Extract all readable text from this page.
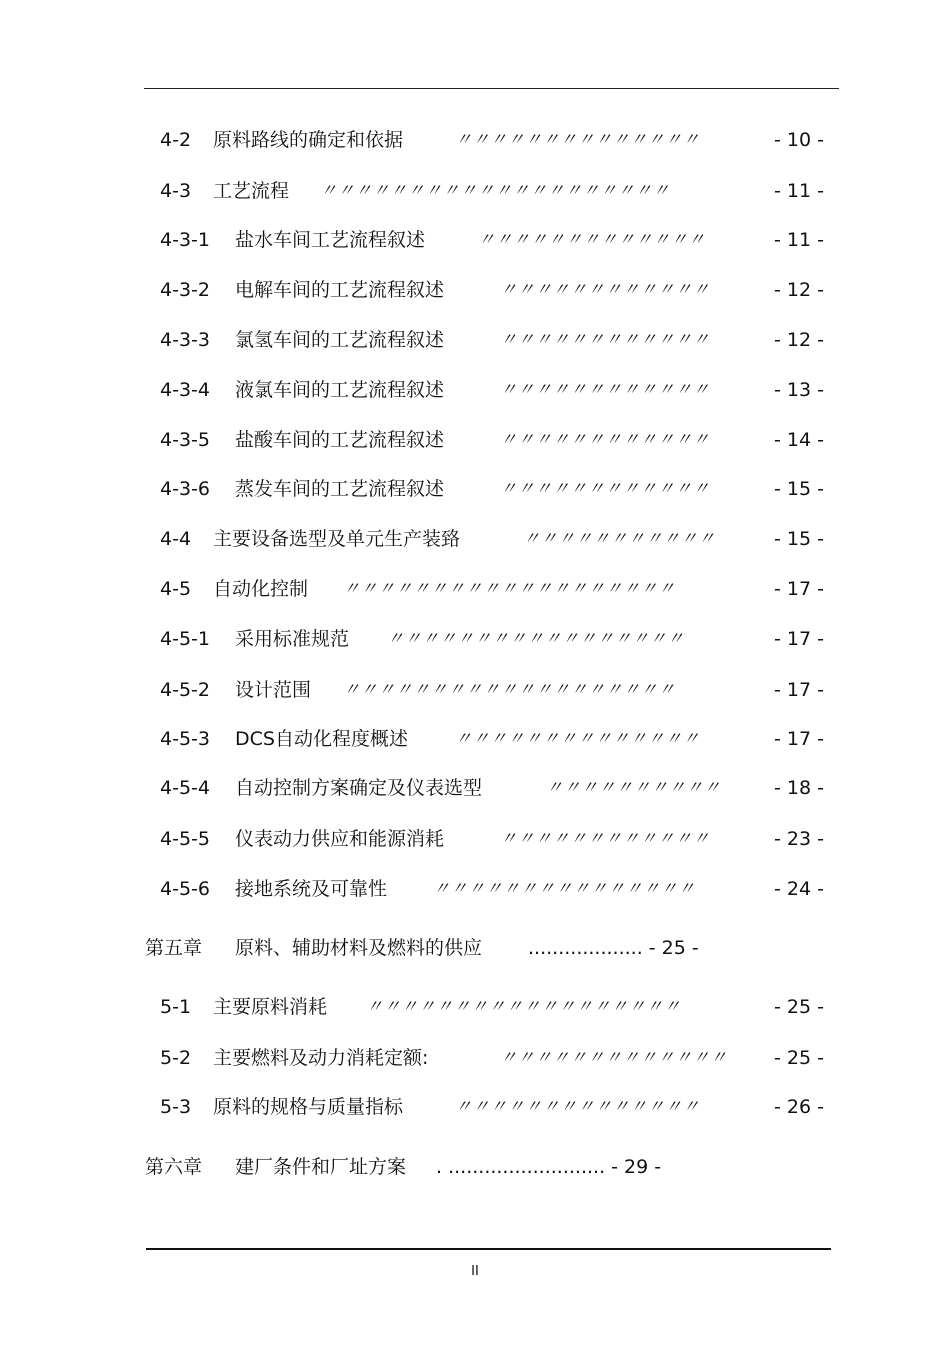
4-2 原料路线的确定和依据	〃〃〃〃〃〃〃〃〃〃〃〃〃〃	- 10 -
4-3 工艺流程 〃〃〃〃〃〃〃〃〃〃〃〃〃〃〃〃〃〃〃〃	- 11 -
4-3-1 盐水车间工艺流程叙述	〃〃〃〃〃〃〃〃〃〃〃〃〃	- 11 -
4-3-2 电解车间的工艺流程叙述	〃〃〃〃〃〃〃〃〃〃〃〃	- 12 -
4-3-3 氯氢车间的工艺流程叙述	〃〃〃〃〃〃〃〃〃〃〃〃	- 12 -
4-3-4 液氯车间的工艺流程叙述	〃〃〃〃〃〃〃〃〃〃〃〃	- 13 -
4-3-5 盐酸车间的工艺流程叙述	〃〃〃〃〃〃〃〃〃〃〃〃	- 14 -
4-3-6 蒸发车间的工艺流程叙述	〃〃〃〃〃〃〃〃〃〃〃〃	- 15 -
4-4 主要设备选型及单元生产装臵	〃〃〃〃〃〃〃〃〃〃〃	- 15 -
4-5 自动化控制 〃〃〃〃〃〃〃〃〃〃〃〃〃〃〃〃〃〃〃	- 17 -
4-5-1 采用标准规范 〃〃〃〃〃〃〃〃〃〃〃〃〃〃〃〃〃	- 17 -
4-5-2 设计范围 〃〃〃〃〃〃〃〃〃〃〃〃〃〃〃〃〃〃〃	- 17 -
4-5-3 DCS自动化程度概述	〃〃〃〃〃〃〃〃〃〃〃〃〃〃	- 17 -
4-5-4 自动控制方案确定及仪表选型	〃〃〃〃〃〃〃〃〃〃	- 18 -
4-5-5 仪表动力供应和能源消耗	〃〃〃〃〃〃〃〃〃〃〃〃	- 23 -
4-5-6 接地系统及可靠性	〃〃〃〃〃〃〃〃〃〃〃〃〃〃〃	- 24 -
第五章 原料、辅助材料及燃料的供应 ................... - 25 -
5-1 主要原料消耗 〃〃〃〃〃〃〃〃〃〃〃〃〃〃〃〃〃〃	- 25 -
5-2 主要燃料及动力消耗定额:	〃〃〃〃〃〃〃〃〃〃〃〃〃 - 25 -
5-3 原料的规格与质量指标	〃〃〃〃〃〃〃〃〃〃〃〃〃〃	- 26 -
第六章 建厂条件和厂址方案 . .......................... - 29 -
II
